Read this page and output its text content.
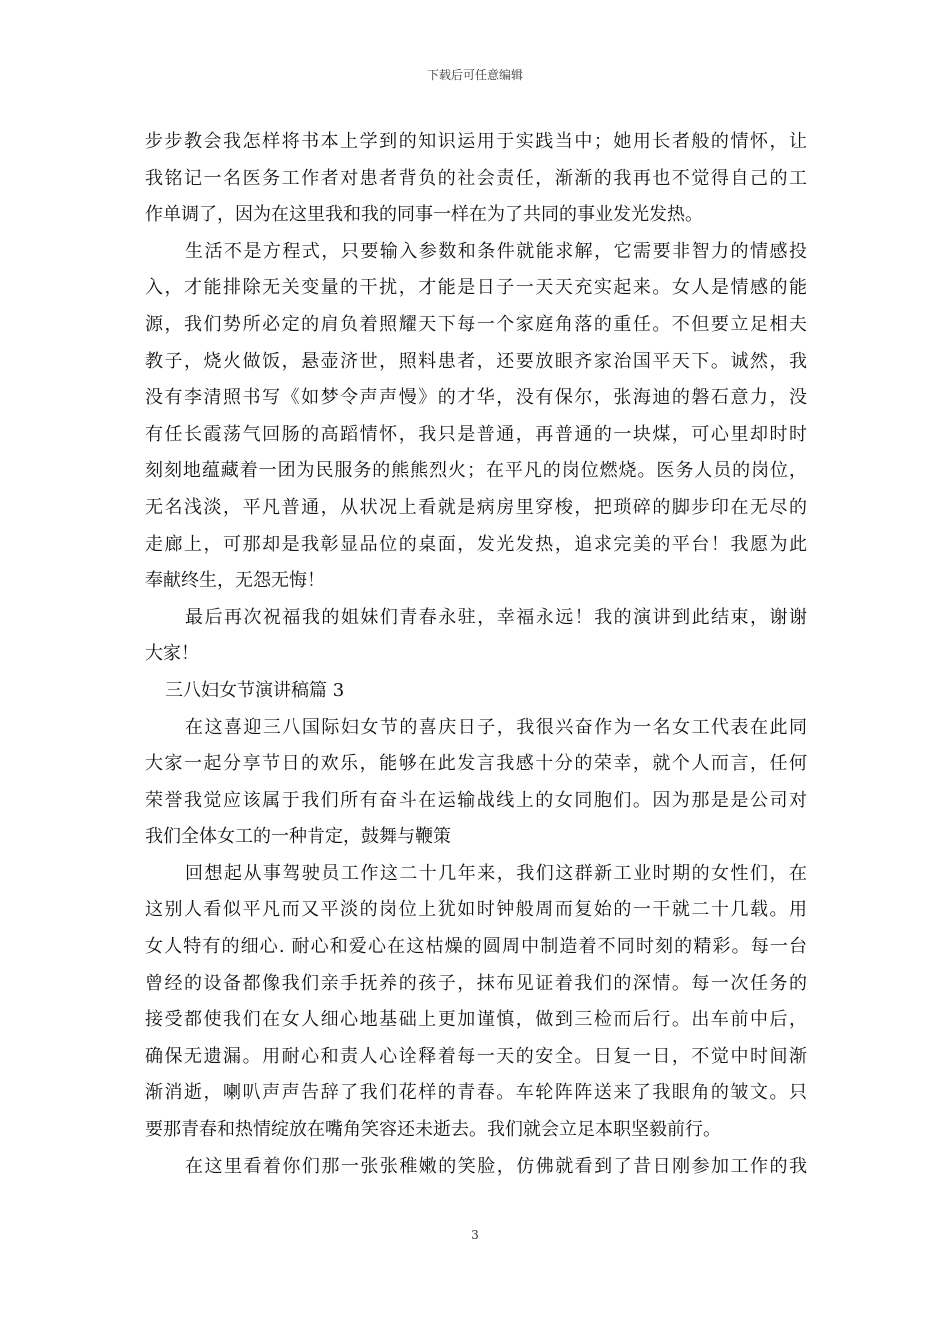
下载后可任意编辑
步步教会我怎样将书本上学到的知识运用于实践当中；她用长者般的情怀，让
我铭记一名医务工作者对患者背负的社会责任，渐渐的我再也不觉得自己的工
作单调了，因为在这里我和我的同事一样在为了共同的事业发光发热。
生活不是方程式，只要输入参数和条件就能求解，它需要非智力的情感投
入，才能排除无关变量的干扰，才能是日子一天天充实起来。女人是情感的能
源，我们势所必定的肩负着照耀天下每一个家庭角落的重任。不但要立足相夫
教子，烧火做饭，悬壶济世，照料患者，还要放眼齐家治国平天下。诚然，我
没有李清照书写《如梦令声声慢》的才华，没有保尔，张海迪的磐石意力，没
有任长霞荡气回肠的高蹈情怀，我只是普通，再普通的一块煤，可心里却时时
刻刻地蕴藏着一团为民服务的熊熊烈火；在平凡的岗位燃烧。医务人员的岗位，
无名浅淡，平凡普通，从状况上看就是病房里穿梭，把琐碎的脚步印在无尽的
走廊上，可那却是我彰显品位的桌面，发光发热，追求完美的平台！我愿为此
奉献终生，无怨无悔！
最后再次祝福我的姐妹们青春永驻，幸福永远！我的演讲到此结束，谢谢
大家！
三八妇女节演讲稿篇 3
在这喜迎三八国际妇女节的喜庆日子，我很兴奋作为一名女工代表在此同
大家一起分享节日的欢乐，能够在此发言我感十分的荣幸，就个人而言，任何
荣誉我觉应该属于我们所有奋斗在运输战线上的女同胞们。因为那是是公司对
我们全体女工的一种肯定，鼓舞与鞭策
回想起从事驾驶员工作这二十几年来，我们这群新工业时期的女性们，在
这别人看似平凡而又平淡的岗位上犹如时钟般周而复始的一干就二十几载。用
女人特有的细心. 耐心和爱心在这枯燥的圆周中制造着不同时刻的精彩。每一台
曾经的设备都像我们亲手抚养的孩子，抹布见证着我们的深情。每一次任务的
接受都使我们在女人细心地基础上更加谨慎，做到三检而后行。出车前中后，
确保无遗漏。用耐心和责人心诠释着每一天的安全。日复一日，不觉中时间渐
渐消逝，喇叭声声告辞了我们花样的青春。车轮阵阵送来了我眼角的皱文。只
要那青春和热情绽放在嘴角笑容还未逝去。我们就会立足本职坚毅前行。
在这里看着你们那一张张稚嫩的笑脸，仿佛就看到了昔日刚参加工作的我
3
